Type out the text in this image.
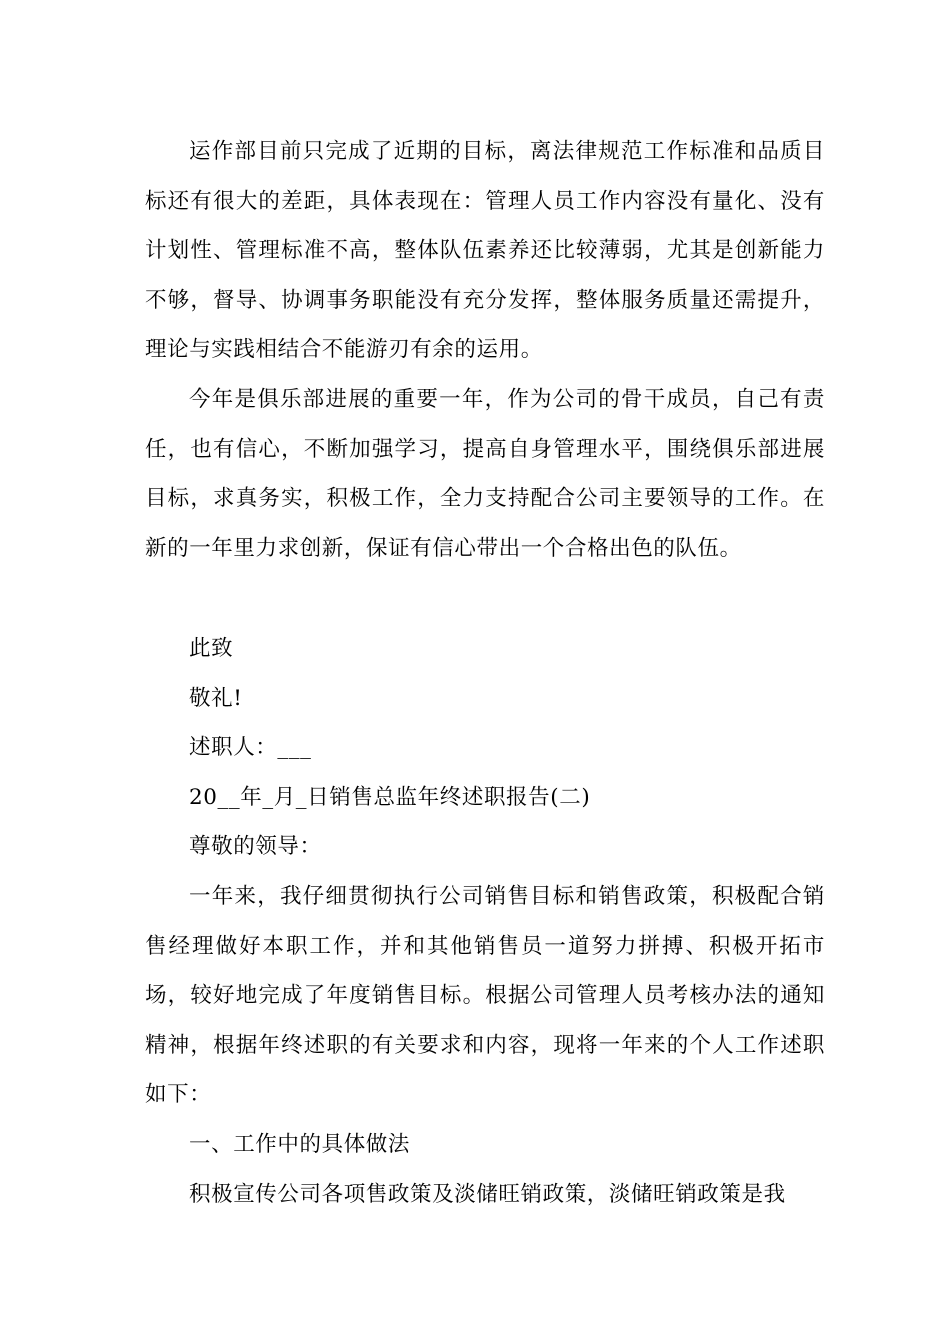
运作部目前只完成了近期的目标，离法律规范工作标准和品质目标还有很大的差距，具体表现在：管理人员工作内容没有量化、没有计划性、管理标准不高，整体队伍素养还比较薄弱，尤其是创新能力不够，督导、协调事务职能没有充分发挥，整体服务质量还需提升，理论与实践相结合不能游刃有余的运用。

今年是俱乐部进展的重要一年，作为公司的骨干成员，自己有责任，也有信心，不断加强学习，提高自身管理水平，围绕俱乐部进展目标，求真务实，积极工作，全力支持配合公司主要领导的工作。在新的一年里力求创新，保证有信心带出一个合格出色的队伍。

此致

敬礼!

述职人：___

20__年_月_日销售总监年终述职报告(二)

尊敬的领导：

一年来，我仔细贯彻执行公司销售目标和销售政策，积极配合销售经理做好本职工作，并和其他销售员一道努力拼搏、积极开拓市场，较好地完成了年度销售目标。根据公司管理人员考核办法的通知精神，根据年终述职的有关要求和内容，现将一年来的个人工作述职如下：

一、工作中的具体做法

积极宣传公司各项售政策及淡储旺销政策，淡储旺销政策是我
